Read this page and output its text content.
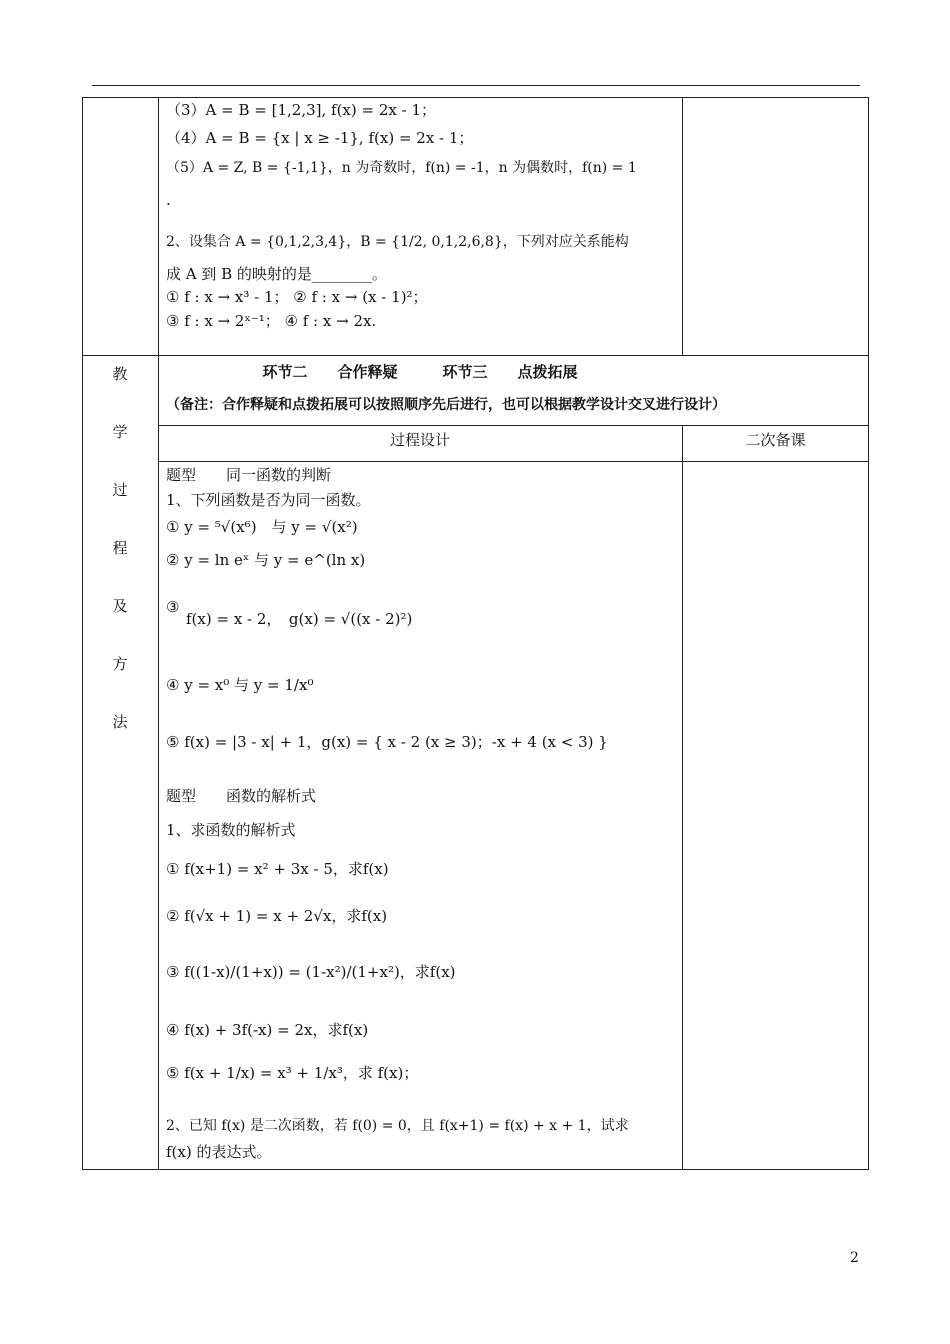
（3）A = B = [1,2,3], f(x) = 2x - 1；
（4）A = B = {x | x ≥ -1}, f(x) = 2x - 1；
（5）A = Z, B = {-1,1}，n 为奇数时，f(n) = -1，n 为偶数时，f(n) = 1
.
2、设集合 A = {0,1,2,3,4}，B = {1/2, 0,1,2,6,8}，下列对应关系能构
成 A 到 B 的映射的是________。
① f : x → x³ - 1； ② f : x → (x - 1)²；
③ f : x → 2ˣ⁻¹； ④ f : x → 2x.
教
学
过
程
及
方
法
环节二　　合作释疑　　　环节三　　点拨拓展
（备注：合作释疑和点拨拓展可以按照顺序先后进行，也可以根据教学设计交叉进行设计）
过程设计	二次备课
题型　　同一函数的判断
1、下列函数是否为同一函数。
① y = ⁵√(x⁶)　与 y = √(x²)
② y = ln eˣ 与 y = e^(ln x)
③
f(x) = x - 2，　g(x) = √((x - 2)²)
④ y = x⁰ 与 y = 1/x⁰
⑤ f(x) = |3 - x| + 1，g(x) = { x - 2 (x ≥ 3)；-x + 4 (x < 3) }
题型　　函数的解析式
1、求函数的解析式
① f(x+1) = x² + 3x - 5，求f(x)
② f(√x + 1) = x + 2√x，求f(x)
③ f((1-x)/(1+x)) = (1-x²)/(1+x²)，求f(x)
④ f(x) + 3f(-x) = 2x，求f(x)
⑤ f(x + 1/x) = x³ + 1/x³，求 f(x)；
2、已知 f(x) 是二次函数，若 f(0) = 0，且 f(x+1) = f(x) + x + 1，试求
f(x) 的表达式。
2
